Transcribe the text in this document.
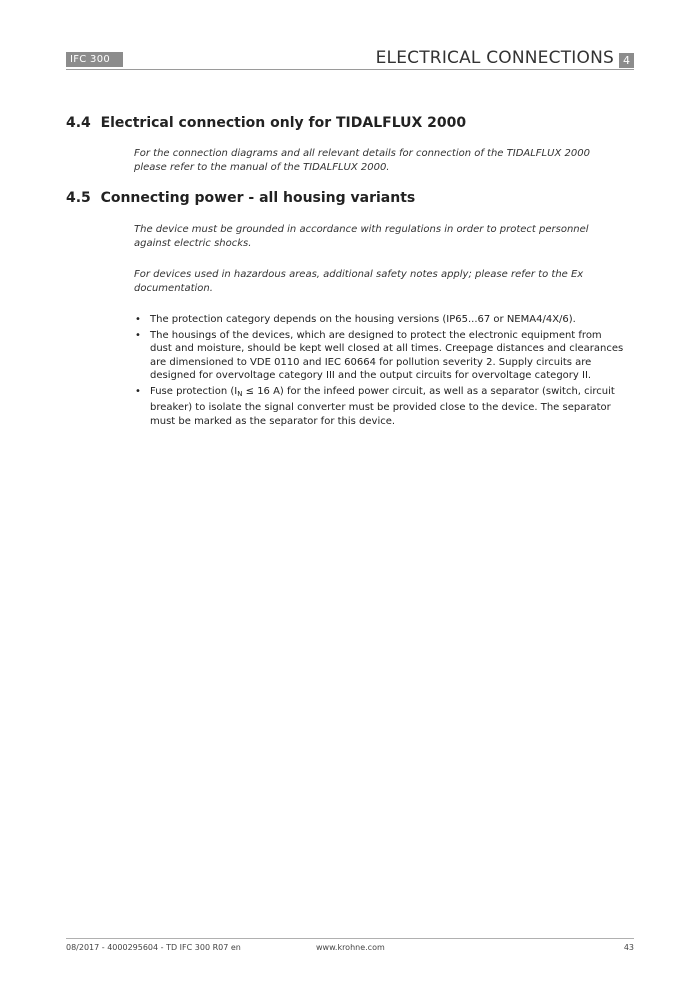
IFC 300	ELECTRICAL CONNECTIONS 4
4.4 Electrical connection only for TIDALFLUX 2000

For the connection diagrams and all relevant details for connection of the TIDALFLUX 2000 please refer to the manual of the TIDALFLUX 2000.

4.5 Connecting power - all housing variants

The device must be grounded in accordance with regulations in order to protect personnel against electric shocks.

For devices used in hazardous areas, additional safety notes apply; please refer to the Ex documentation.

• The protection category depends on the housing versions (IP65...67 or NEMA4/4X/6).
• The housings of the devices, which are designed to protect the electronic equipment from dust and moisture, should be kept well closed at all times. Creepage distances and clearances are dimensioned to VDE 0110 and IEC 60664 for pollution severity 2. Supply circuits are designed for overvoltage category III and the output circuits for overvoltage category II.
• Fuse protection ($I_N \le 16$ A) for the infeed power circuit, as well as a separator (switch, circuit breaker) to isolate the signal converter must be provided close to the device. The separator must be marked as the separator for this device.
08/2017 - 4000295604 - TD IFC 300 R07 en	www.krohne.com	43
